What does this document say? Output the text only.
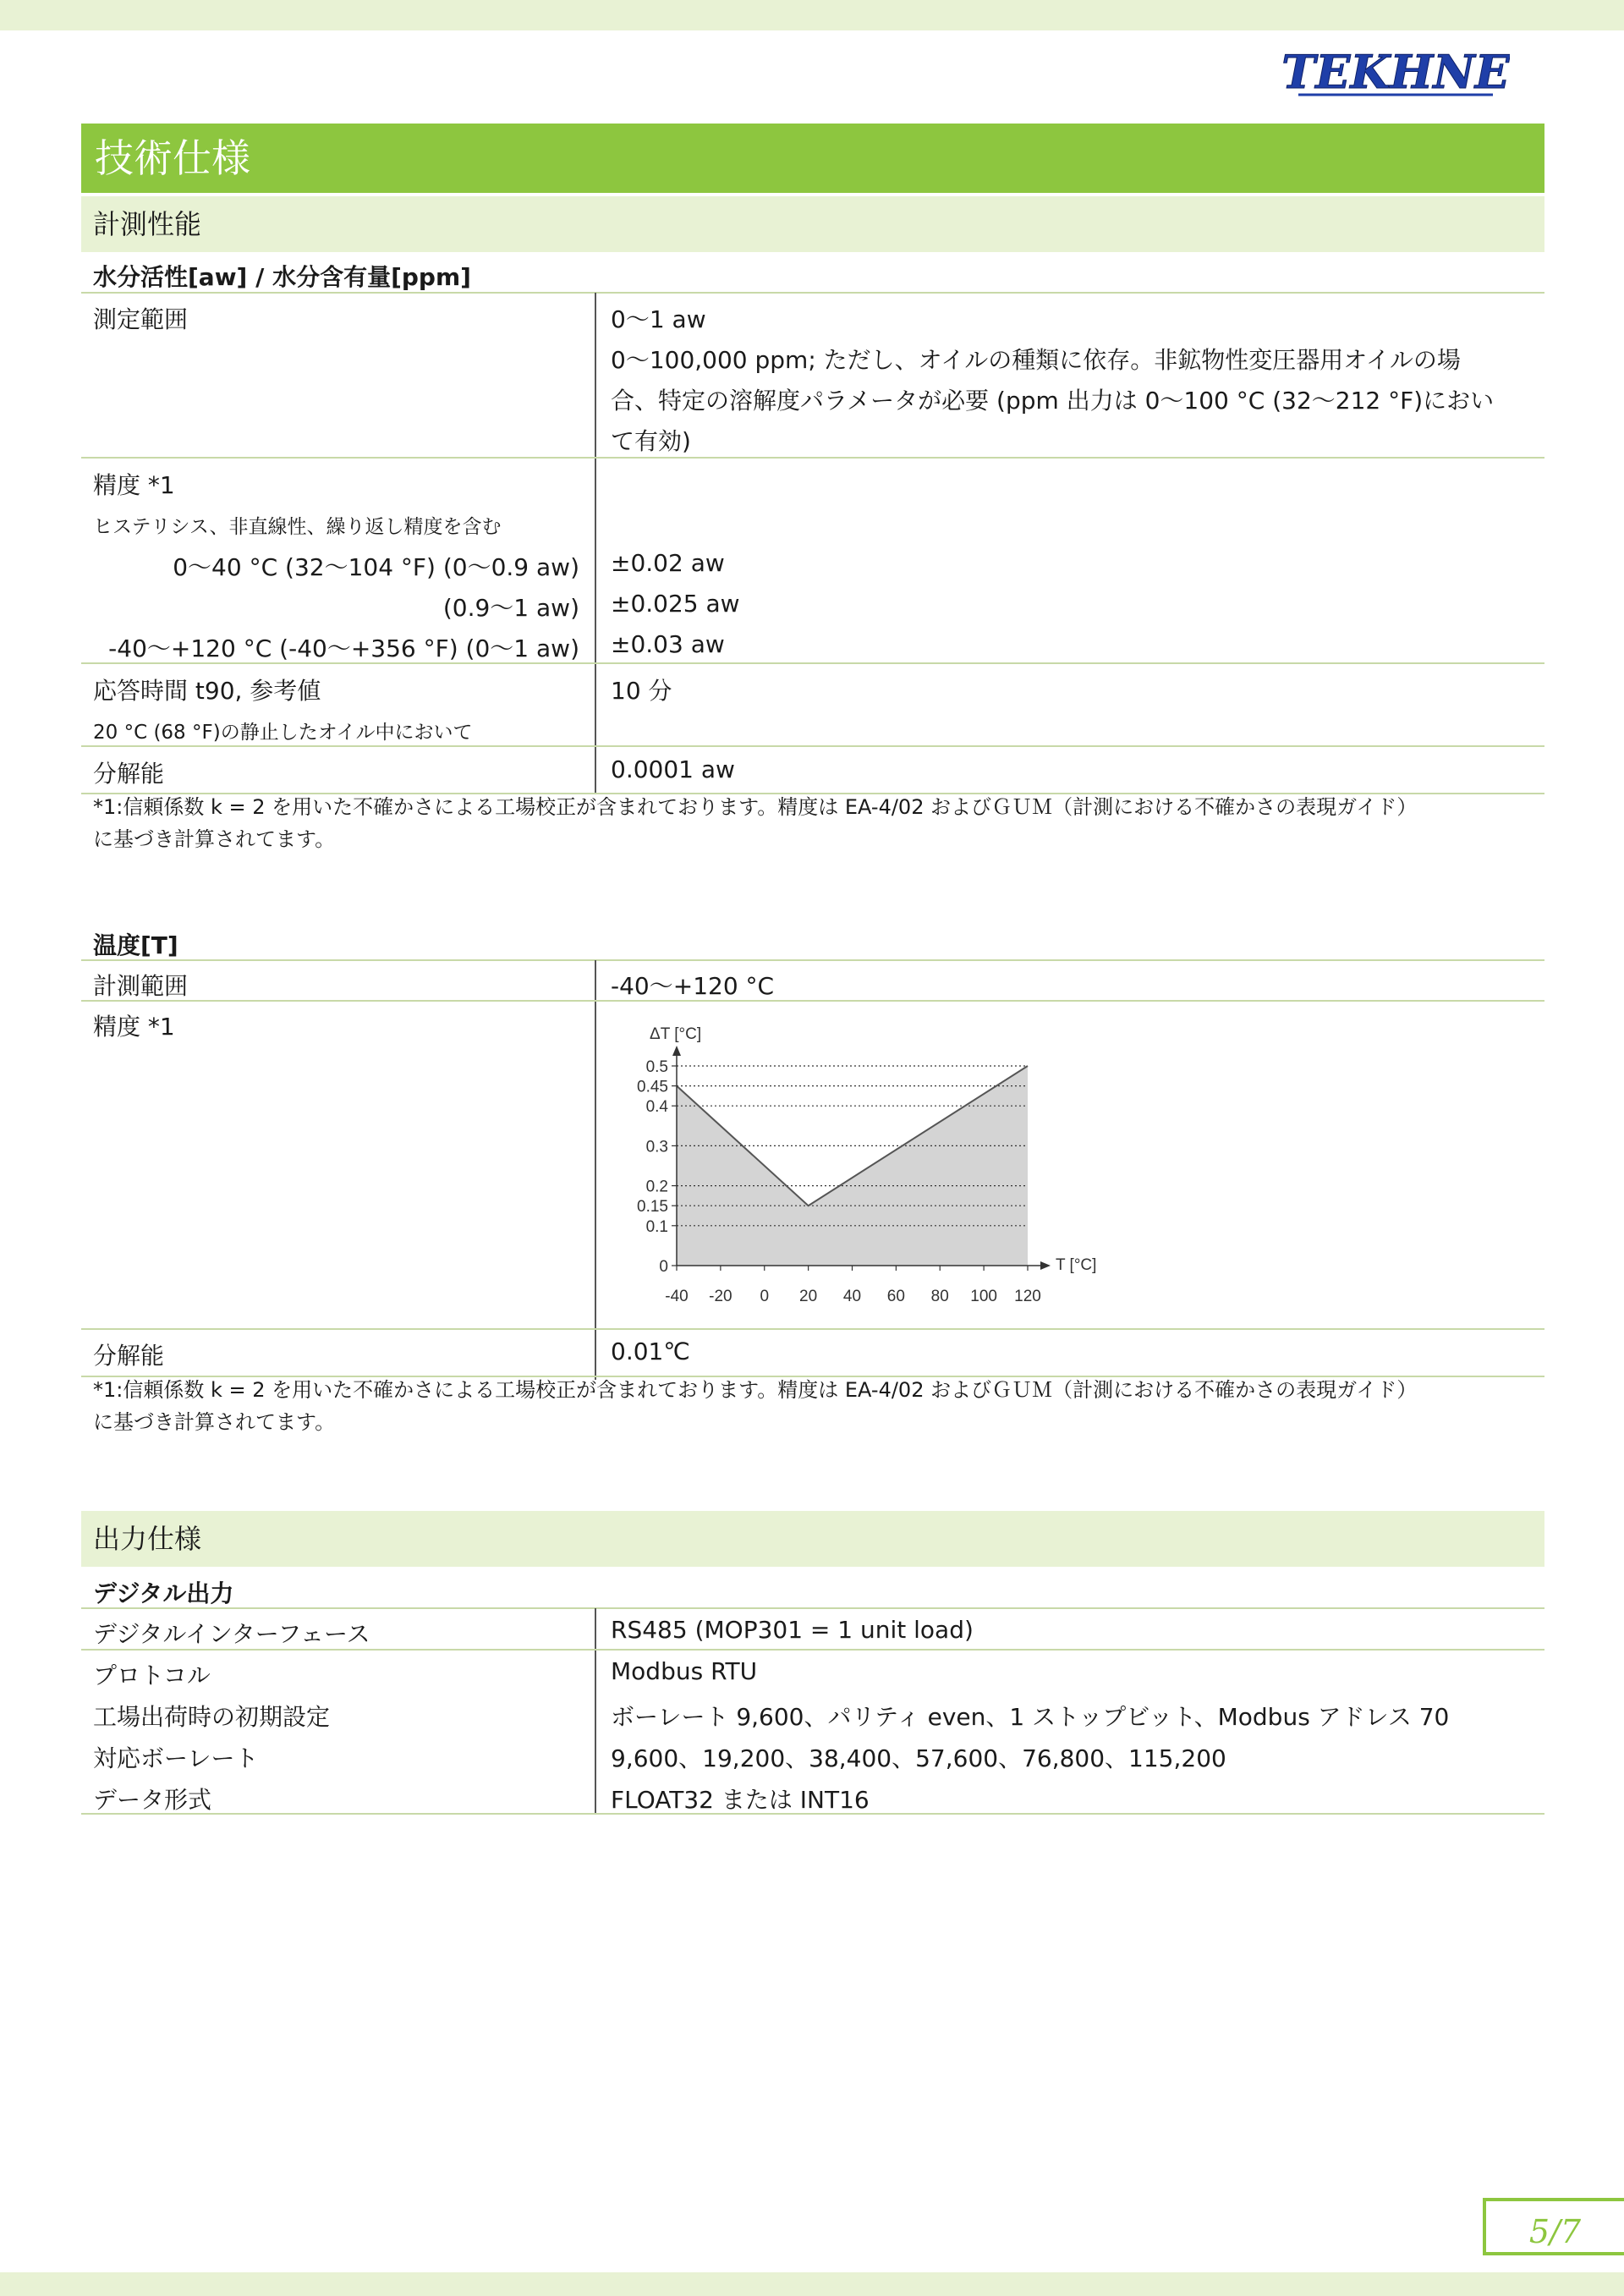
TEKHNE
技術仕様
計測性能
水分活性[aw] / 水分含有量[ppm]
測定範囲	0～1 aw
0～100,000 ppm; ただし、オイルの種類に依存。非鉱物性変圧器用オイルの場
合、特定の溶解度パラメータが必要 (ppm 出力は 0～100 °C (32～212 °F)におい
て有効)
精度 *1
ヒステリシス、非直線性、繰り返し精度を含む
0～40 °C (32～104 °F) (0～0.9 aw) ±0.02 aw
(0.9～1 aw) ±0.025 aw
-40～+120 °C (-40～+356 °F) (0～1 aw) ±0.03 aw
応答時間 t90, 参考値	10 分
20 °C (68 °F)の静止したオイル中において
分解能	0.0001 aw
*1:信頼係数 k = 2 を用いた不確かさによる工場校正が含まれております。精度は EA-4/02 およびＧＵＭ（計測における不確かさの表現ガイド）
に基づき計算されてます。
温度[T]
計測範囲	-40～+120 °C
精度 *1	ΔT [°C]
T [°C]
0
0.1
0.15
0.2
0.3
0.4
0.45
0.5
-40 -20 0 20 40 60 80 100 120
分解能	0.01℃
*1:信頼係数 k = 2 を用いた不確かさによる工場校正が含まれております。精度は EA-4/02 およびＧＵＭ（計測における不確かさの表現ガイド）
に基づき計算されてます。
出力仕様
デジタル出力
デジタルインターフェース	RS485 (MOP301 = 1 unit load)
プロトコル	Modbus RTU
工場出荷時の初期設定	ボーレート 9,600、パリティ even、1 ストップビット、Modbus アドレス 70
対応ボーレート	9,600、19,200、38,400、57,600、76,800、115,200
データ形式	FLOAT32 または INT16
5/7
